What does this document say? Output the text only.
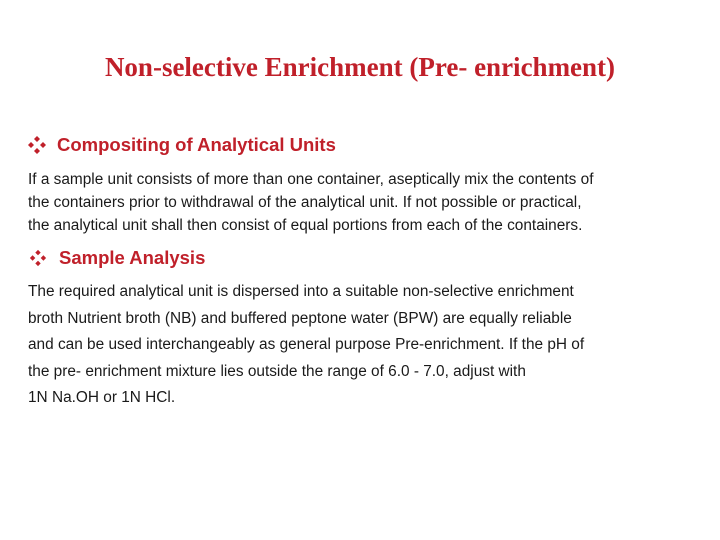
Non-selective Enrichment (Pre- enrichment)
Compositing of Analytical Units
If a sample unit consists of more than one container, aseptically mix the contents of
the containers prior to withdrawal of the analytical unit. If not possible or practical,
the analytical unit shall then consist of equal portions from each of the containers.
Sample Analysis
The required analytical unit is dispersed into a suitable non-selective enrichment
broth Nutrient broth (NB) and buffered peptone water (BPW) are equally reliable
and can be used interchangeably as general purpose Pre-enrichment. If the pH of
the pre- enrichment mixture lies outside the range of 6.0 - 7.0, adjust with
1N Na.OH or 1N HCl.
